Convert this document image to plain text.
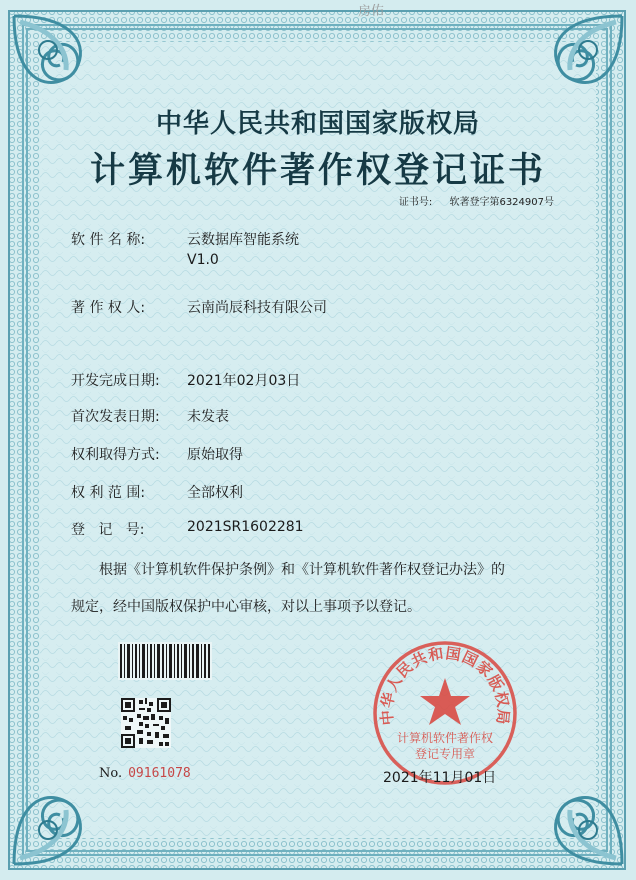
房佑
中华人民共和国国家版权局
计算机软件著作权登记证书
证书号: 软著登字第6324907号
软 件 名 称:	云数据库智能系统
V1.0
著 作 权 人:	云南尚辰科技有限公司
开发完成日期: 2021年02月03日
首次发表日期: 未发表
权利取得方式: 原始取得
权 利 范 围:	全部权利
登   记   号:	2021SR1602281
根据《计算机软件保护条例》和《计算机软件著作权登记办法》的
规定，经中国版权保护中心审核，对以上事项予以登记。
No. 09161078
中华人民共和国国家版权局
计算机软件著作权
登记专用章
2021年11月01日
